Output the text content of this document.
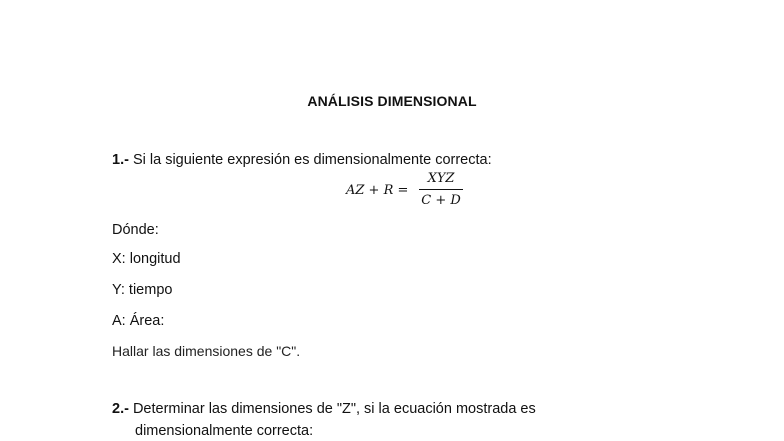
ANÁLISIS DIMENSIONAL
1.- Si la siguiente expresión es dimensionalmente correcta:
AZ + R =
XYZ
C + D
Dónde:
X: longitud
Y: tiempo
A: Área:
Hallar las dimensiones de "C".
2.- Determinar las dimensiones de "Z", si la ecuación mostrada es
dimensionalmente correcta:
